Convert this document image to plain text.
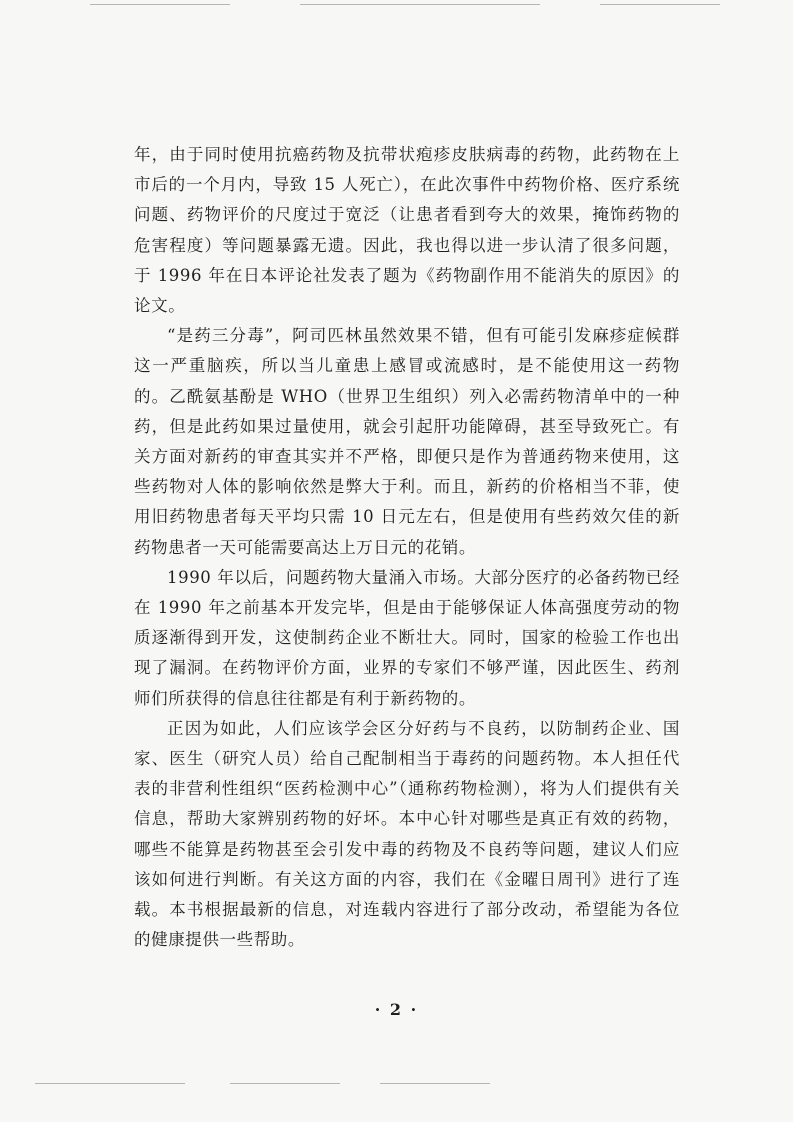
年，由于同时使用抗癌药物及抗带状疱疹皮肤病毒的药物，此药物在上市后的一个月内，导致 15 人死亡），在此次事件中药物价格、医疗系统问题、药物评价的尺度过于宽泛（让患者看到夸大的效果，掩饰药物的危害程度）等问题暴露无遗。因此，我也得以进一步认清了很多问题，于 1996 年在日本评论社发表了题为《药物副作用不能消失的原因》的论文。

“是药三分毒”，阿司匹林虽然效果不错，但有可能引发麻疹症候群这一严重脑疾，所以当儿童患上感冒或流感时，是不能使用这一药物的。乙酰氨基酚是 WHO（世界卫生组织）列入必需药物清单中的一种药，但是此药如果过量使用，就会引起肝功能障碍，甚至导致死亡。有关方面对新药的审查其实并不严格，即便只是作为普通药物来使用，这些药物对人体的影响依然是弊大于利。而且，新药的价格相当不菲，使用旧药物患者每天平均只需 10 日元左右，但是使用有些药效欠佳的新药物患者一天可能需要高达上万日元的花销。

1990 年以后，问题药物大量涌入市场。大部分医疗的必备药物已经在 1990 年之前基本开发完毕，但是由于能够保证人体高强度劳动的物质逐渐得到开发，这使制药企业不断壮大。同时，国家的检验工作也出现了漏洞。在药物评价方面，业界的专家们不够严谨，因此医生、药剂师们所获得的信息往往都是有利于新药物的。

正因为如此，人们应该学会区分好药与不良药，以防制药企业、国家、医生（研究人员）给自己配制相当于毒药的问题药物。本人担任代表的非营利性组织“医药检测中心”（通称药物检测），将为人们提供有关信息，帮助大家辨别药物的好坏。本中心针对哪些是真正有效的药物，哪些不能算是药物甚至会引发中毒的药物及不良药等问题，建议人们应该如何进行判断。有关这方面的内容，我们在《金曜日周刊》进行了连载。本书根据最新的信息，对连载内容进行了部分改动，希望能为各位的健康提供一些帮助。

· 2 ·
